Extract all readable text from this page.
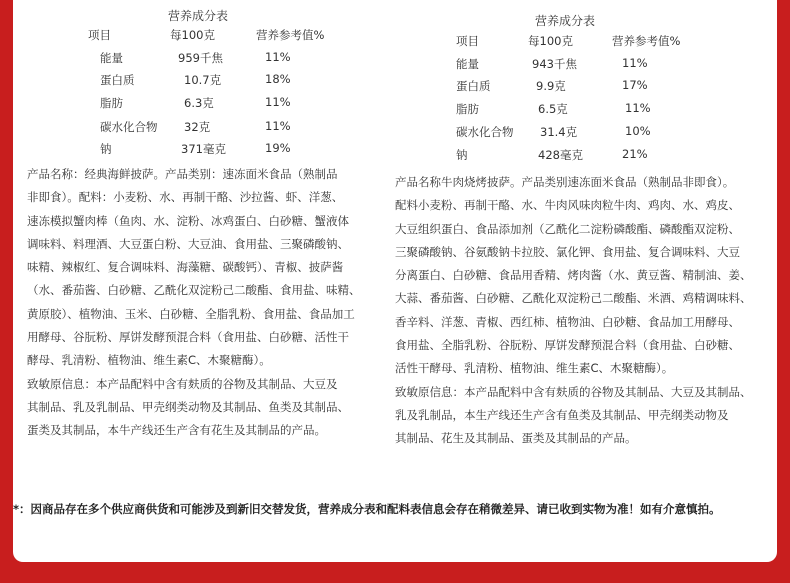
营养成分表
项目	每100克	营养参考值%
能量	959千焦	11%
蛋白质	10.7克	18%
脂肪	6.3克	11%
碳水化合物 32克	11%
钠	371毫克	19%

产品名称：经典海鲜披萨。产品类别：速冻面米食品（熟制品

非即食）。配料：小麦粉、水、再制干酪、沙拉酱、虾、洋葱、

速冻模拟蟹肉棒（鱼肉、水、淀粉、冰鸡蛋白、白砂糖、蟹液体

调味料、料理酒、大豆蛋白粉、大豆油、食用盐、三聚磷酸钠、

味精、辣椒红、复合调味料、海藻糖、碳酸钙）、青椒、披萨酱

（水、番茄酱、白砂糖、乙酰化双淀粉己二酸酯、食用盐、味精、

黄原胶）、植物油、玉米、白砂糖、全脂乳粉、食用盐、食品加工

用酵母、谷朊粉、厚饼发酵预混合料（食用盐、白砂糖、活性干

酵母、乳清粉、植物油、维生素C、木聚糖酶）。

致敏原信息：本产品配料中含有麸质的谷物及其制品、大豆及

其制品、乳及乳制品、甲壳纲类动物及其制品、鱼类及其制品、

蛋类及其制品，本牛产线还生产含有花生及其制品的产品。

营养成分表
项目	每100克	营养参考值%
能量	943千焦	11%
蛋白质	9.9克	17%
脂肪	6.5克	11%
碳水化合物 31.4克	10%
钠	428毫克	21%

产品名称牛肉烧烤披萨。产品类别速冻面米食品（熟制品非即食）。

配料小麦粉、再制干酪、水、牛肉风味肉粒牛肉、鸡肉、水、鸡皮、

大豆组织蛋白、食品添加剂（乙酰化二淀粉磷酸酯、磷酸酯双淀粉、

三聚磷酸钠、谷氨酸钠卡拉胶、氯化钾、食用盐、复合调味料、大豆

分离蛋白、白砂糖、食品用香精、烤肉酱（水、黄豆酱、精制油、姜、

大蒜、番茄酱、白砂糖、乙酰化双淀粉己二酸酯、米酒、鸡精调味料、

香辛料、洋葱、青椒、西红柿、植物油、白砂糖、食品加工用酵母、

食用盐、全脂乳粉、谷朊粉、厚饼发酵预混合料（食用盐、白砂糖、

活性干酵母、乳清粉、植物油、维生素C、木聚糖酶）。

致敏原信息：本产品配料中含有麸质的谷物及其制品、大豆及其制品、

乳及乳制品，本生产线还生产含有鱼类及其制品、甲壳纲类动物及

其制品、花生及其制品、蛋类及其制品的产品。

*：因商品存在多个供应商供货和可能涉及到新旧交替发货，营养成分表和配料表信息会存在稍微差异、请已收到实物为准！如有介意慎拍。
